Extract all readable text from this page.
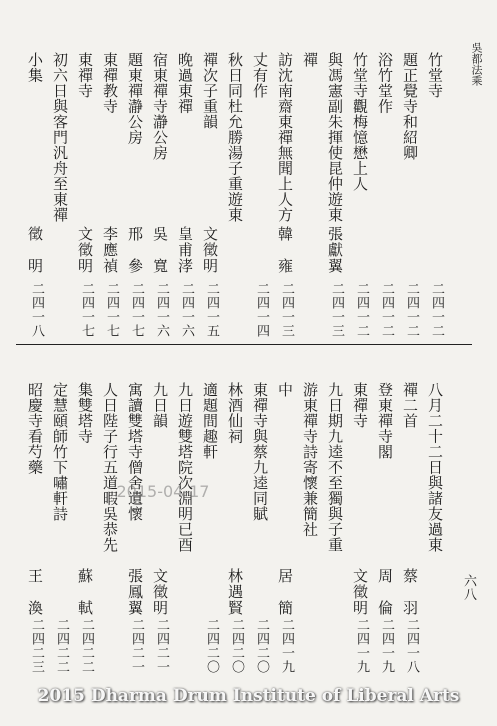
吳都法乘
六八
竹堂寺
二四一二
題正覺寺和紹卿
二四一二
浴竹堂作
二四一二
竹堂寺觀梅憶懋上人
二四一二
與馮憲副朱揮使昆仲遊東
張獻翼
二四一三
禪
訪沈南齋東禪無聞上人方
韓　雍
二四一三
丈有作
二四一四
秋日同杜允勝湯子重遊東
禪次子重韻
文徵明
二四一五
晚過東禪
皇甫涍
二四一六
宿東禪寺瀞公房
吳　寬
二四一六
題東禪瀞公房
邢　參
二四一七
東禪教寺
李應禎
二四一七
東禪寺
文徵明
二四一七
初六日與客門汎舟至東禪
小集
徵　明
二四一八
八月二十二日與諸友過東
禪二首
蔡　羽
二四一八
登東禪寺閣
周　倫
二四一九
東禪寺
文徵明
二四一九
九日期九逵不至獨與子重
游東禪寺詩寄懷兼簡社
中
居　簡
二四一九
東禪寺與蔡九逵同賦
二四二〇
林酒仙祠
林遇賢
二四二〇
適題間趣軒
二四二〇
九日遊雙塔院次淵明已酉
九日韻
文徵明
二四二一
寓讀雙塔寺僧舍遺懷
張鳳翼
二四二一
人日陛子行五道暇吳恭先
集雙塔寺
蘇　軾
二四二二
定慧頤師竹下嘯軒詩
二四二二
昭慶寺看芍藥
王　渙
二四二三
2015-04-17
2015 Dharma Drum Institute of Liberal Arts
